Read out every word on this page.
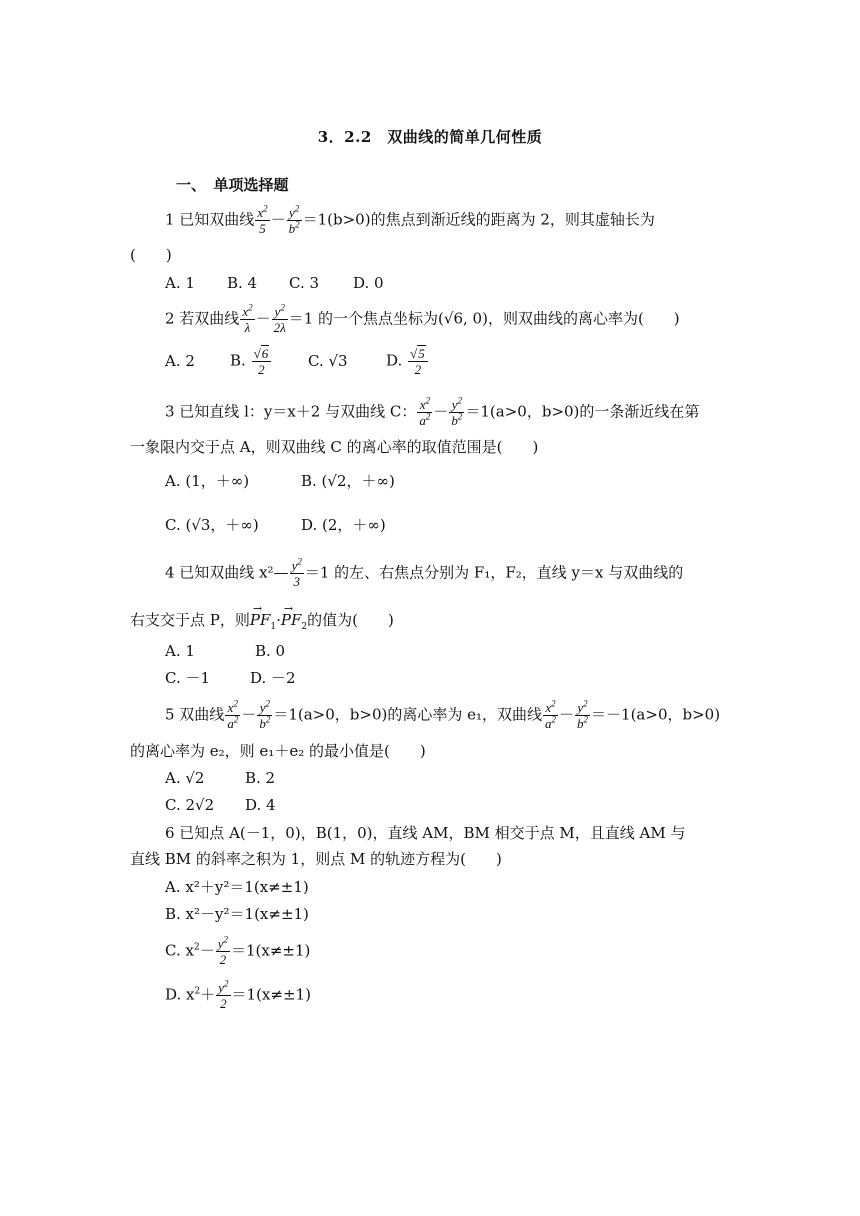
3．2.2　双曲线的简单几何性质
一、　单项选择题
1 已知双曲线 $\frac{x^2}{5} - \frac{y^2}{b^2} =1(b>0)$的焦点到渐近线的距离为 2，则其虚轴长为
(　　)
A. 1 B. 4 C. 3 D. 0
2 若双曲线 $\frac{x^2}{\lambda} - \frac{y^2}{2\lambda} =1$ 的一个焦点坐标为(√6, 0)，则双曲线的离心率为(　　)
A. 2 B. $\frac{√6}{2} C$. √3	D. $\frac{√5}{2}$
3 已知直线 l：y＝x＋2 与双曲线 C： $\frac{x^2}{a^2} - \frac{y^2}{b^2} =1(a>0$，b>0)的一条渐近线在第
一象限内交于点 A，则双曲线 C 的离心率的取值范围是(　　)
A. (1，＋∞)	B. (√2，＋∞)
C. (√3，＋∞)	D. (2，＋∞)
4 已知双曲线 x²— $\frac{y^2}{3} =1$ 的左、右焦点分别为 F₁，F₂，直线 y＝x 与双曲线的
右支交于点 P，则→ $PF_1\cdot\to PF_2$的值为(　　)
A. 1	B. 0
C. －1	D. －2
5 双曲线 $\frac{x^2}{a^2} - \frac{y^2}{b^2} =1(a>0$，b>0)的离心率为 e₁，双曲线 $\frac{x^2}{a^2} - \frac{y^2}{b^2} =-1(a>0$，b>0)
的离心率为 e₂，则 e₁＋e₂ 的最小值是(　　)
A. √2	B. 2
C. 2√2 D. 4
6 已知点 A(－1，0)，B(1，0)，直线 AM，BM 相交于点 M，且直线 AM 与
直线 BM 的斜率之积为 1，则点 M 的轨迹方程为(　　)
A. x²＋y²＝1(x≠±1)
B. x²－y²＝1(x≠±1)
C. $x^2- \frac{y^2}{2} =1(x\ne\pm 1)$
D. $x^2+ \frac{y^2}{2} =1(x\ne\pm 1)$
